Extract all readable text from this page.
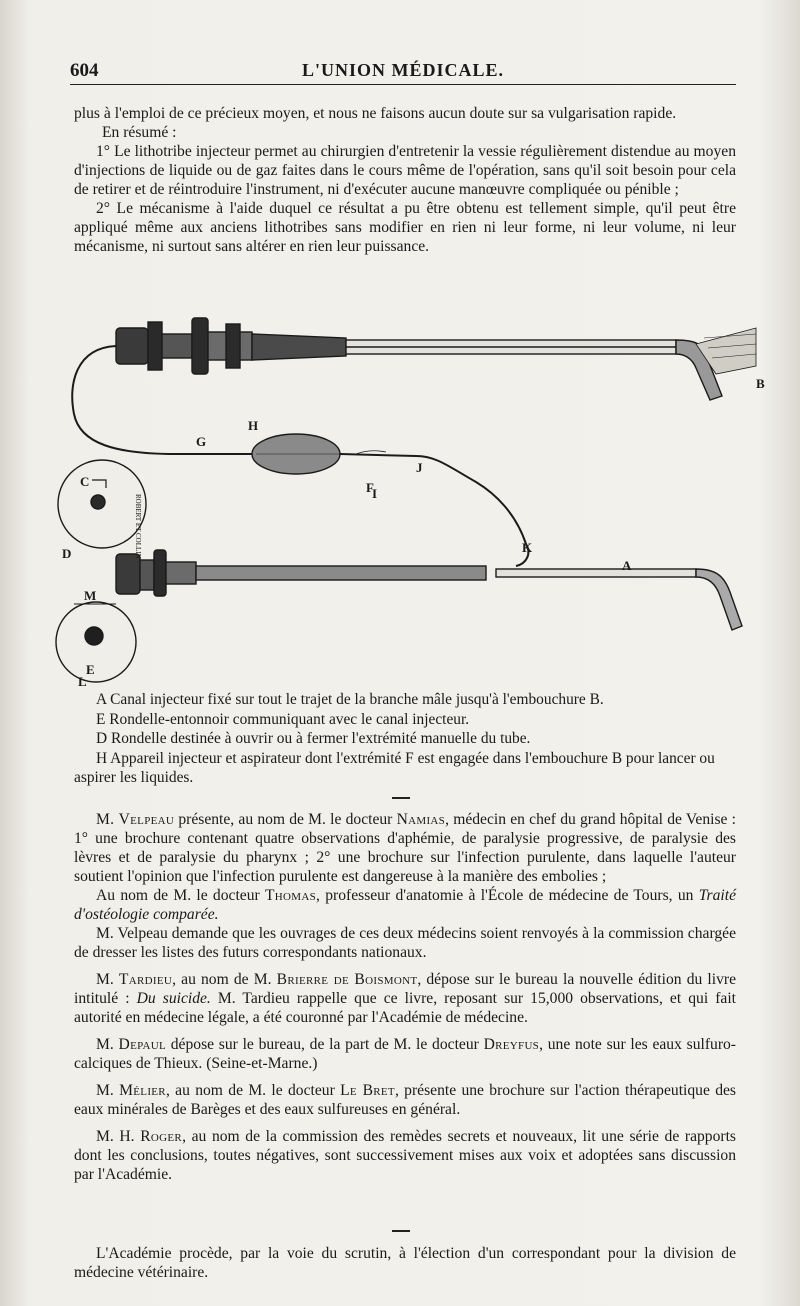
604	L'UNION MÉDICALE.

plus à l'emploi de ce précieux moyen, et nous ne faisons aucun doute sur sa vulgarisation rapide.

En résumé :

1° Le lithotribe injecteur permet au chirurgien d'entretenir la vessie régulièrement distendue au moyen d'injections de liquide ou de gaz faites dans le cours même de l'opération, sans qu'il soit besoin pour cela de retirer et de réintroduire l'instrument, ni d'exécuter aucune manœuvre compliquée ou pénible ;

2° Le mécanisme à l'aide duquel ce résultat a pu être obtenu est tellement simple, qu'il peut être appliqué même aux anciens lithotribes sans modifier en rien ni leur forme, ni leur volume, ni leur mécanisme, ni surtout sans altérer en rien leur puissance.

B
H
G
F
J
I
K
A
C
D
E
M
L
ROBERT ET COLLIN

A Canal injecteur fixé sur tout le trajet de la branche mâle jusqu'à l'embouchure B.

E Rondelle-entonnoir communiquant avec le canal injecteur.

D Rondelle destinée à ouvrir ou à fermer l'extrémité manuelle du tube.

H Appareil injecteur et aspirateur dont l'extrémité F est engagée dans l'embouchure B pour lancer ou aspirer les liquides.

M. Velpeau présente, au nom de M. le docteur Namias, médecin en chef du grand hôpital de Venise : 1° une brochure contenant quatre observations d'aphémie, de paralysie progressive, de paralysie des lèvres et de paralysie du pharynx ; 2° une brochure sur l'infection purulente, dans laquelle l'auteur soutient l'opinion que l'infection purulente est dangereuse à la manière des embolies ;

Au nom de M. le docteur Thomas, professeur d'anatomie à l'École de médecine de Tours, un Traité d'ostéologie comparée.

M. Velpeau demande que les ouvrages de ces deux médecins soient renvoyés à la commission chargée de dresser les listes des futurs correspondants nationaux.

M. Tardieu, au nom de M. Brierre de Boismont, dépose sur le bureau la nouvelle édition du livre intitulé : Du suicide. M. Tardieu rappelle que ce livre, reposant sur 15,000 observations, et qui fait autorité en médecine légale, a été couronné par l'Académie de médecine.

M. Depaul dépose sur le bureau, de la part de M. le docteur Dreyfus, une note sur les eaux sulfuro-calciques de Thieux. (Seine-et-Marne.)

M. Mélier, au nom de M. le docteur Le Bret, présente une brochure sur l'action thérapeutique des eaux minérales de Barèges et des eaux sulfureuses en général.

M. H. Roger, au nom de la commission des remèdes secrets et nouveaux, lit une série de rapports dont les conclusions, toutes négatives, sont successivement mises aux voix et adoptées sans discussion par l'Académie.

L'Académie procède, par la voie du scrutin, à l'élection d'un correspondant pour la division de médecine vétérinaire.
